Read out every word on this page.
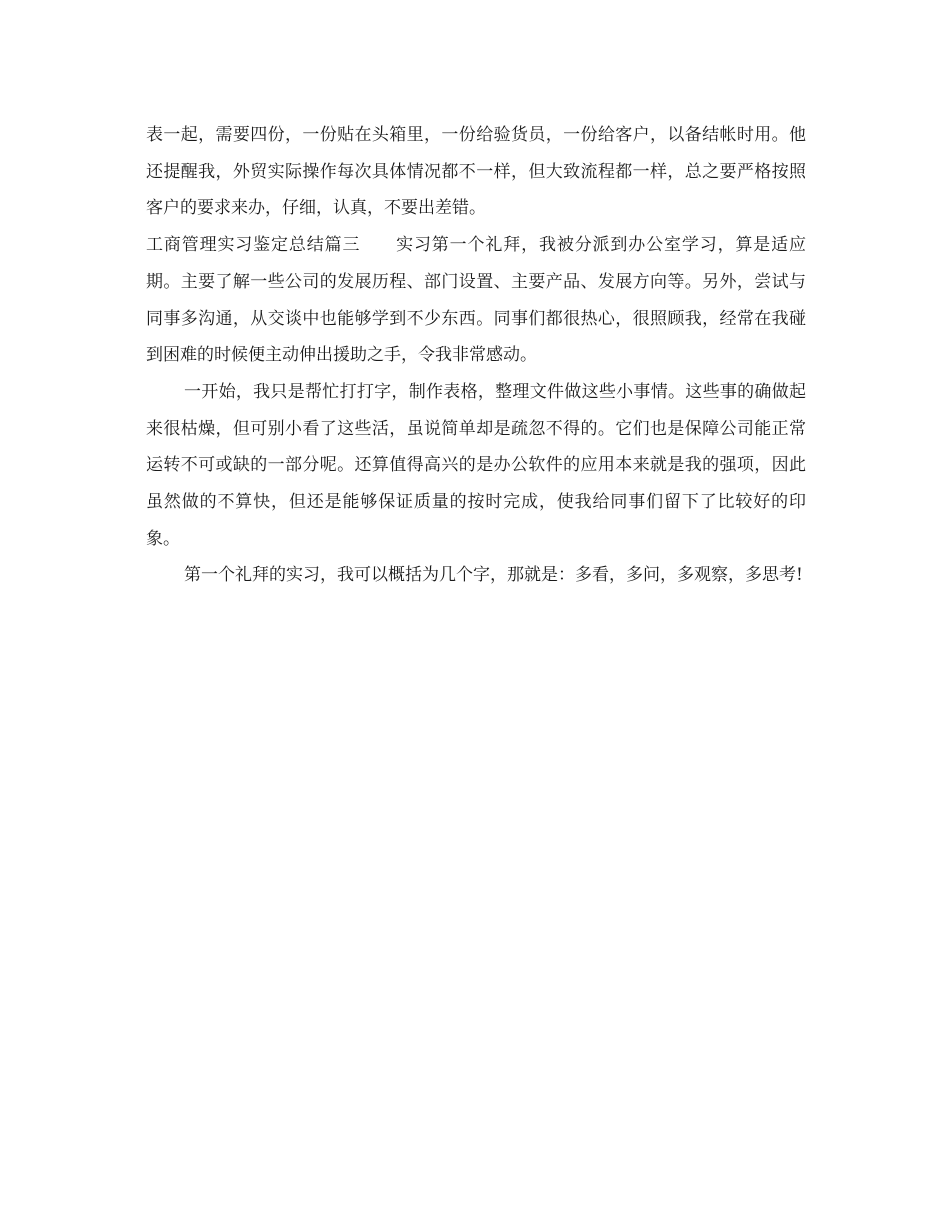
表一起，需要四份，一份贴在头箱里，一份给验货员，一份给客户，以备结帐时用。他还提醒我，外贸实际操作每次具体情况都不一样，但大致流程都一样，总之要严格按照客户的要求来办，仔细，认真，不要出差错。

工商管理实习鉴定总结篇三　　 实习第一个礼拜，我被分派到办公室学习，算是适应期。主要了解一些公司的发展历程、部门设置、主要产品、发展方向等。另外，尝试与同事多沟通，从交谈中也能够学到不少东西。同事们都很热心，很照顾我，经常在我碰到困难的时候便主动伸出援助之手，令我非常感动。

一开始，我只是帮忙打打字，制作表格，整理文件做这些小事情。这些事的确做起来很枯燥，但可别小看了这些活，虽说简单却是疏忽不得的。它们也是保障公司能正常运转不可或缺的一部分呢。还算值得高兴的是办公软件的应用本来就是我的强项，因此虽然做的不算快，但还是能够保证质量的按时完成，使我给同事们留下了比较好的印象。

第一个礼拜的实习，我可以概括为几个字，那就是：多看，多问，多观察，多思考!
